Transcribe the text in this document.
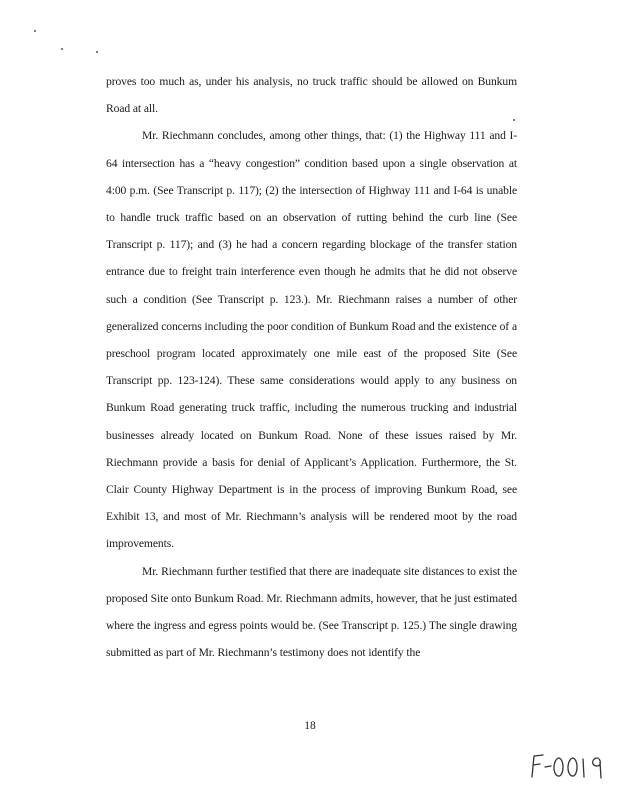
proves too much as, under his analysis, no truck traffic should be allowed on Bunkum Road at all.

Mr. Riechmann concludes, among other things, that: (1) the Highway 111 and I-64 intersection has a “heavy congestion” condition based upon a single observation at 4:00 p.m. (See Transcript p. 117); (2) the intersection of Highway 111 and I-64 is unable to handle truck traffic based on an observation of rutting behind the curb line (See Transcript p. 117); and (3) he had a concern regarding blockage of the transfer station entrance due to freight train interference even though he admits that he did not observe such a condition (See Transcript p. 123.). Mr. Riechmann raises a number of other generalized concerns including the poor condition of Bunkum Road and the existence of a preschool program located approximately one mile east of the proposed Site (See Transcript pp. 123-124). These same considerations would apply to any business on Bunkum Road generating truck traffic, including the numerous trucking and industrial businesses already located on Bunkum Road. None of these issues raised by Mr. Riechmann provide a basis for denial of Applicant’s Application. Furthermore, the St. Clair County Highway Department is in the process of improving Bunkum Road, see Exhibit 13, and most of Mr. Riechmann’s analysis will be rendered moot by the road improvements.

Mr. Riechmann further testified that there are inadequate site distances to exist the proposed Site onto Bunkum Road. Mr. Riechmann admits, however, that he just estimated where the ingress and egress points would be. (See Transcript p. 125.) The single drawing submitted as part of Mr. Riechmann’s testimony does not identify the

18
